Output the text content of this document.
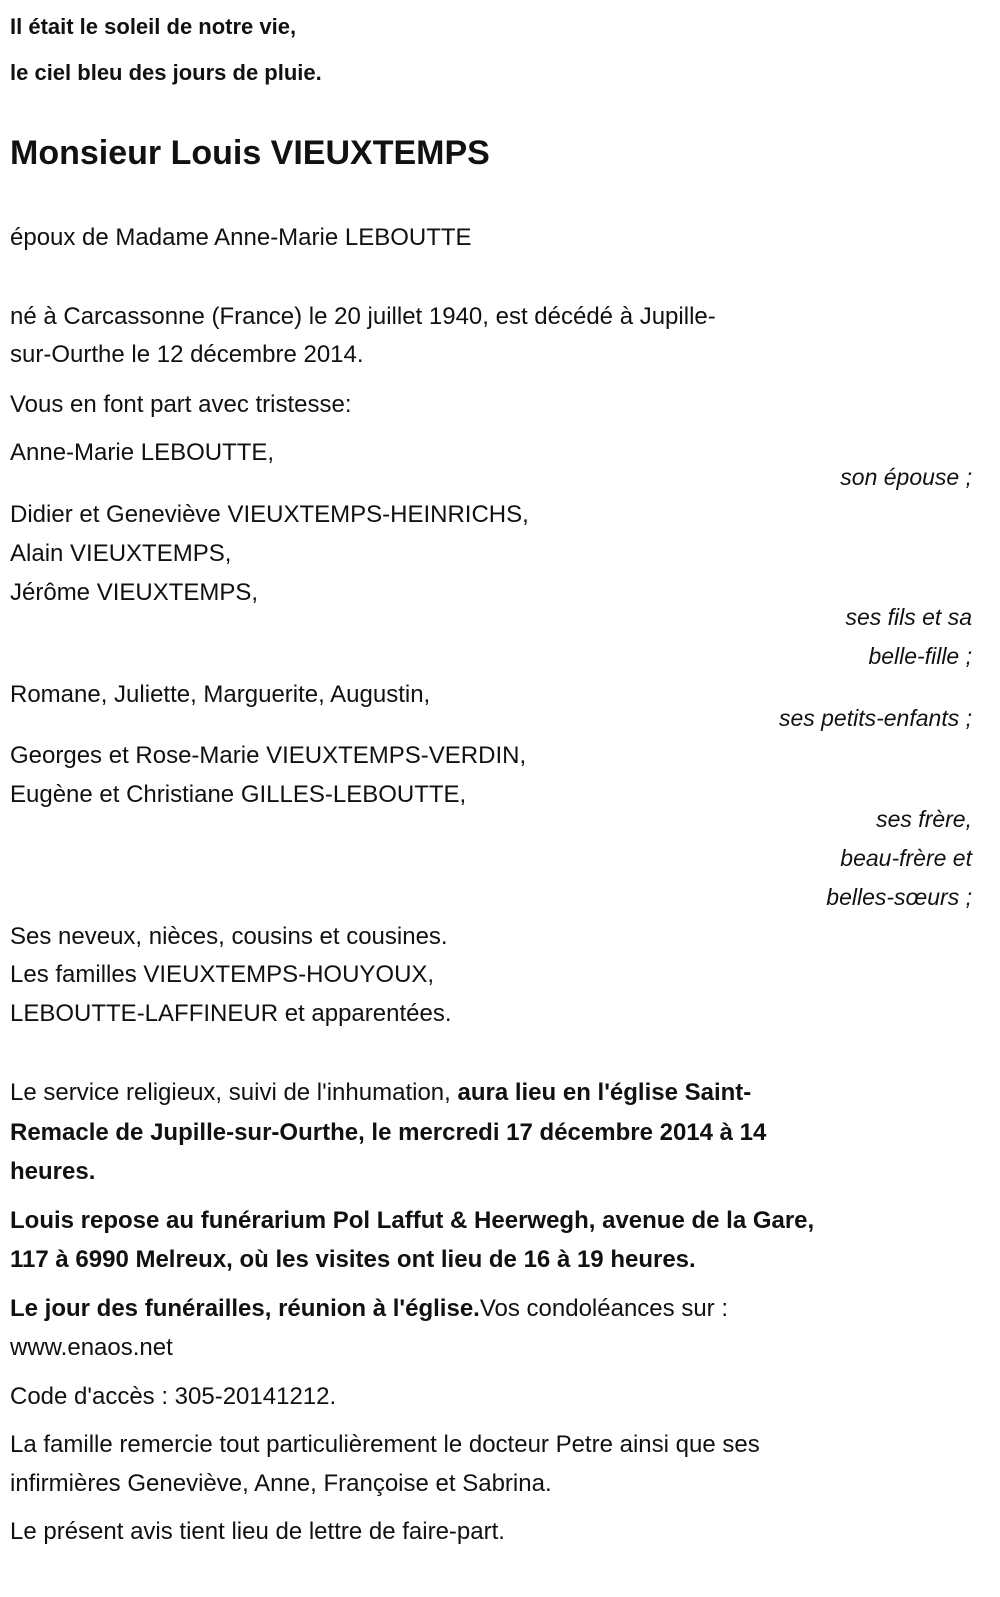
Il était le soleil de notre vie,
le ciel bleu des jours de pluie.
Monsieur Louis VIEUXTEMPS
époux de Madame Anne-Marie LEBOUTTE
né à Carcassonne (France) le 20 juillet 1940, est décédé à Jupille-
sur-Ourthe le 12 décembre 2014.
Vous en font part avec tristesse:
Anne-Marie LEBOUTTE,
son épouse ;
Didier et Geneviève VIEUXTEMPS-HEINRICHS,
Alain VIEUXTEMPS,
Jérôme VIEUXTEMPS,
ses fils et sa
belle-fille ;
Romane, Juliette, Marguerite, Augustin,
ses petits-enfants ;
Georges et Rose-Marie VIEUXTEMPS-VERDIN,
Eugène et Christiane GILLES-LEBOUTTE,
ses frère,
beau-frère et
belles-sœurs ;
Ses neveux, nièces, cousins et cousines.
Les familles VIEUXTEMPS-HOUYOUX,
LEBOUTTE-LAFFINEUR et apparentées.
Le service religieux, suivi de l'inhumation, aura lieu en l'église Saint-
Remacle de Jupille-sur-Ourthe, le mercredi 17 décembre 2014 à 14
heures.
Louis repose au funérarium Pol Laffut & Heerwegh, avenue de la Gare,
117 à 6990 Melreux, où les visites ont lieu de 16 à 19 heures.
Le jour des funérailles, réunion à l'église.Vos condoléances sur :
www.enaos.net
Code d'accès : 305-20141212.
La famille remercie tout particulièrement le docteur Petre ainsi que ses
infirmières Geneviève, Anne, Françoise et Sabrina.
Le présent avis tient lieu de lettre de faire-part.
